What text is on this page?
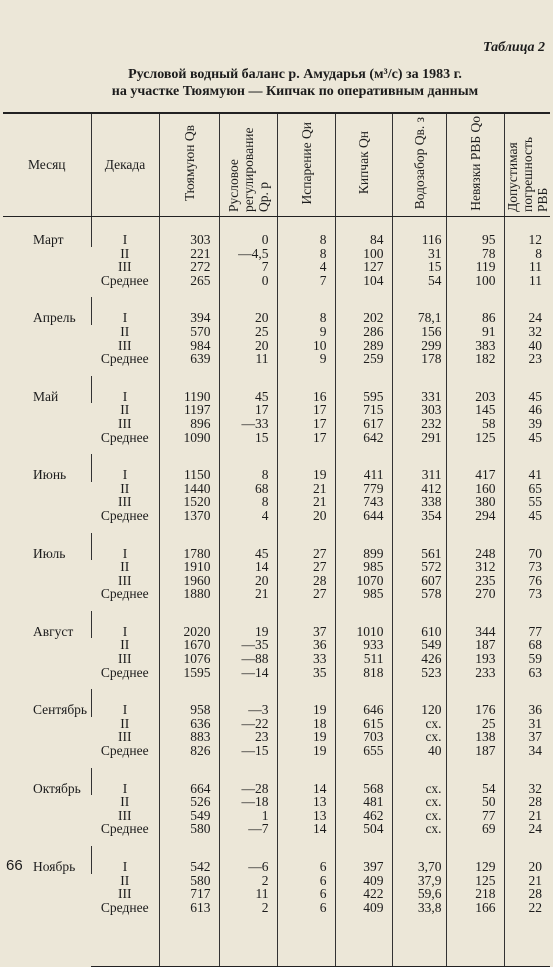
Таблица 2
Русловой водный баланс р. Амударья (м³/с) за 1983 г.
на участке Тюямуюн — Кипчак по оперативным данным
Месяц	Декада	Тюямуюн Qв	Русловое регулирование Qр. р	Испарение Qи	Кипчак Qн	Водозабор Qв. з	Невязки РВБ Qо	Допустимая погрешность РВБ
Март	I	303	0	8	84	116	95	12
	II	221	—4,5	8	100	31	78	8
	III	272	7	4	127	15	119	11
	Среднее	265	0	7	104	54	100	11
Апрель	I	394	20	8	202	78,1	86	24
	II	570	25	9	286	156	91	32
	III	984	20	10	289	299	383	40
	Среднее	639	11	9	259	178	182	23
Май	I	1190	45	16	595	331	203	45
	II	1197	17	17	715	303	145	46
	III	896	—33	17	617	232	58	39
	Среднее	1090	15	17	642	291	125	45
Июнь	I	1150	8	19	411	311	417	41
	II	1440	68	21	779	412	160	65
	III	1520	8	21	743	338	380	55
	Среднее	1370	4	20	644	354	294	45
Июль	I	1780	45	27	899	561	248	70
	II	1910	14	27	985	572	312	73
	III	1960	20	28	1070	607	235	76
	Среднее	1880	21	27	985	578	270	73
Август	I	2020	19	37	1010	610	344	77
	II	1670	—35	36	933	549	187	68
	III	1076	—88	33	511	426	193	59
	Среднее	1595	—14	35	818	523	233	63
Сентябрь	I	958	—3	19	646	120	176	36
	II	636	—22	18	615	сх.	25	31
	III	883	23	19	703	сх.	138	37
	Среднее	826	—15	19	655	40	187	34
Октябрь	I	664	—28	14	568	сх.	54	32
	II	526	—18	13	481	сх.	50	28
	III	549	1	13	462	сх.	77	21
	Среднее	580	—7	14	504	сх.	69	24
Ноябрь	I	542	—6	6	397	3,70	129	20
	II	580	2	6	409	37,9	125	21
	III	717	11	6	422	59,6	218	28
	Среднее	613	2	6	409	33,8	166	22
66
